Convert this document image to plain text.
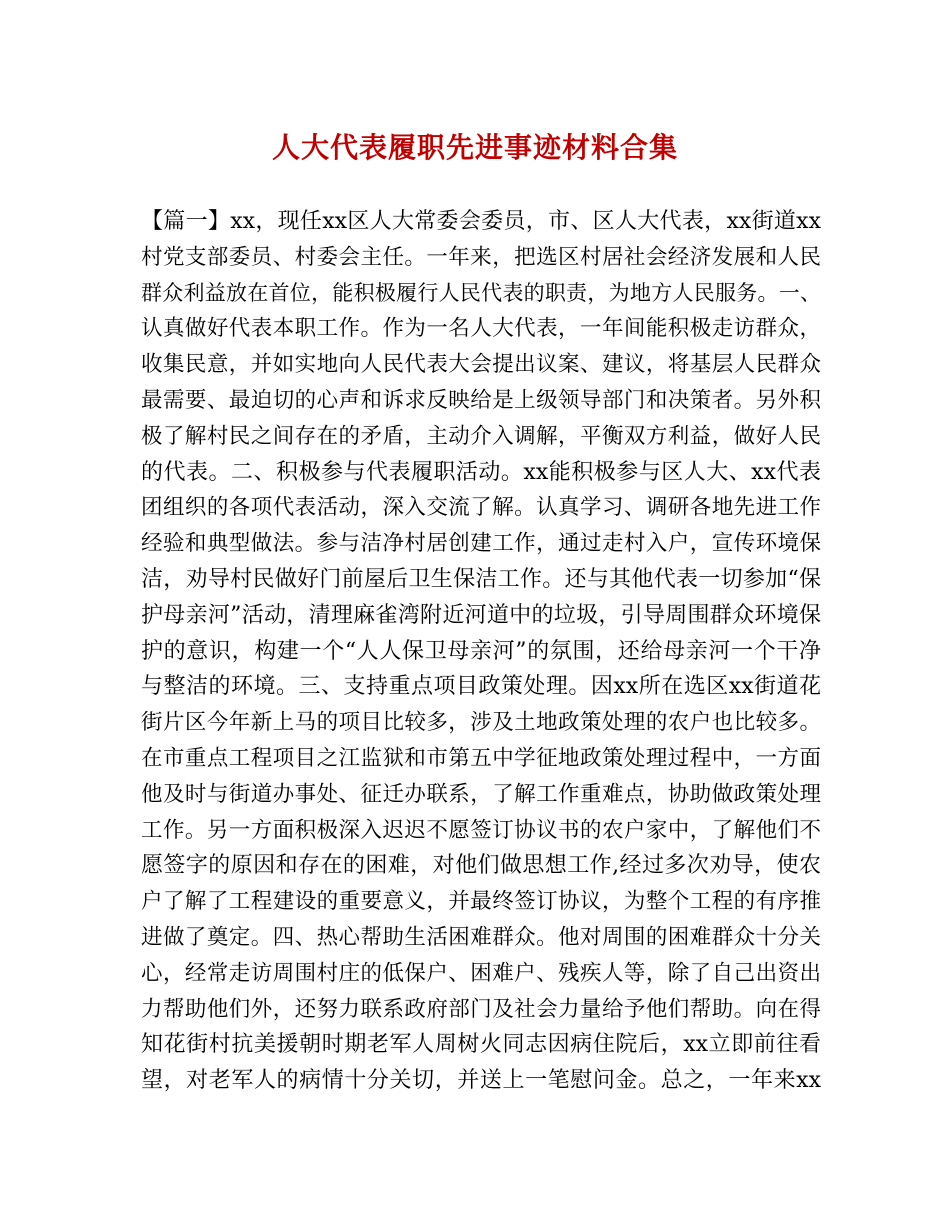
人大代表履职先进事迹材料合集
【篇一】xx，现任xx区人大常委会委员，市、区人大代表，xx街道xx
村党支部委员、村委会主任。一年来，把选区村居社会经济发展和人民
群众利益放在首位，能积极履行人民代表的职责，为地方人民服务。一、
认真做好代表本职工作。作为一名人大代表，一年间能积极走访群众，
收集民意，并如实地向人民代表大会提出议案、建议，将基层人民群众
最需要、最迫切的心声和诉求反映给是上级领导部门和决策者。另外积
极了解村民之间存在的矛盾，主动介入调解，平衡双方利益，做好人民
的代表。二、积极参与代表履职活动。xx能积极参与区人大、xx代表
团组织的各项代表活动，深入交流了解。认真学习、调研各地先进工作
经验和典型做法。参与洁净村居创建工作，通过走村入户，宣传环境保
洁，劝导村民做好门前屋后卫生保洁工作。还与其他代表一切参加“保
护母亲河”活动，清理麻雀湾附近河道中的垃圾，引导周围群众环境保
护的意识，构建一个“人人保卫母亲河”的氛围，还给母亲河一个干净
与整洁的环境。三、支持重点项目政策处理。因xx所在选区xx街道花
街片区今年新上马的项目比较多，涉及土地政策处理的农户也比较多。
在市重点工程项目之江监狱和市第五中学征地政策处理过程中，一方面
他及时与街道办事处、征迁办联系，了解工作重难点，协助做政策处理
工作。另一方面积极深入迟迟不愿签订协议书的农户家中，了解他们不
愿签字的原因和存在的困难，对他们做思想工作,经过多次劝导，使农
户了解了工程建设的重要意义，并最终签订协议，为整个工程的有序推
进做了奠定。四、热心帮助生活困难群众。他对周围的困难群众十分关
心，经常走访周围村庄的低保户、困难户、残疾人等，除了自己出资出
力帮助他们外，还努力联系政府部门及社会力量给予他们帮助。向在得
知花街村抗美援朝时期老军人周树火同志因病住院后，xx立即前往看
望，对老军人的病情十分关切，并送上一笔慰问金。总之，一年来xx
